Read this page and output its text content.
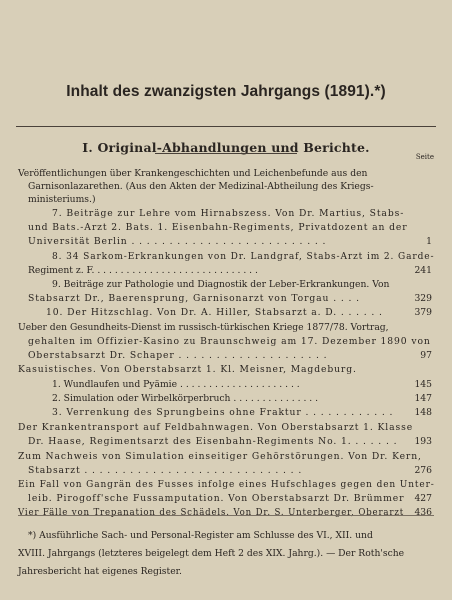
Inhalt des zwanzigsten Jahrgangs (1891).*)
I. Original-Abhandlungen und Berichte.
Seite
Veröffentlichungen über Krankengeschichten und Leichenbefunde aus den
Garnisonlazarethen. (Aus den Akten der Medizinal-Abtheilung des Kriegs-
ministeriums.)
7. Beiträge zur Lehre vom Hirnabszess. Von Dr. Martius, Stabs-
und Bats.-Arzt 2. Bats. 1. Eisenbahn-Regiments, Privatdozent an der
Universität Berlin . . . . . . . . . . . . . . . . . . . . . . . . . .	1
8. 34 Sarkom-Erkrankungen von Dr. Landgraf, Stabs-Arzt im 2. Garde-
Regiment z. F. . . . . . . . . . . . . . . . . . . . . . . . . . . . .	241
9. Beiträge zur Pathologie und Diagnostik der Leber-Erkrankungen. Von
Stabsarzt Dr., Baerensprung, Garnisonarzt von Torgau . . . .	329
10. Der Hitzschlag. Von Dr. A. Hiller, Stabsarzt a. D. . . . . . .	379
Ueber den Gesundheits-Dienst im russisch-türkischen Kriege 1877/78. Vortrag,
gehalten im Offizier-Kasino zu Braunschweig am 17. Dezember 1890 von
Oberstabsarzt Dr. Schaper . . . . . . . . . . . . . . . . . . . .	97
Kasuistisches. Von Oberstabsarzt 1. Kl. Meisner, Magdeburg.
1. Wundlaufen und Pyämie . . . . . . . . . . . . . . . . . . . . .	145
2. Simulation oder Wirbelkörperbruch . . . . . . . . . . . . . . .	147
3. Verrenkung des Sprungbeins ohne Fraktur . . . . . . . . . . . . 148
Der Krankentransport auf Feldbahnwagen. Von Oberstabsarzt 1. Klasse
Dr. Haase, Regimentsarzt des Eisenbahn-Regiments No. 1. . . . . . . 193
Zum Nachweis von Simulation einseitiger Gehörstörungen. Von Dr. Kern,
Stabsarzt . . . . . . . . . . . . . . . . . . . . . . . . . . . . .	276
Ein Fall von Gangrän des Fusses infolge eines Hufschlages gegen den Unter-
leib. Pirogoff'sche Fussamputation. Von Oberstabsarzt Dr. Brümmer 427
Vier Fälle von Trepanation des Schädels. Von Dr. S. Unterberger, Oberarzt 436
*) Ausführliche Sach- und Personal-Register am Schlusse des VI., XII. und
XVIII. Jahrgangs (letzteres beigelegt dem Heft 2 des XIX. Jahrg.). — Der Roth'sche
Jahresbericht hat eigenes Register.
